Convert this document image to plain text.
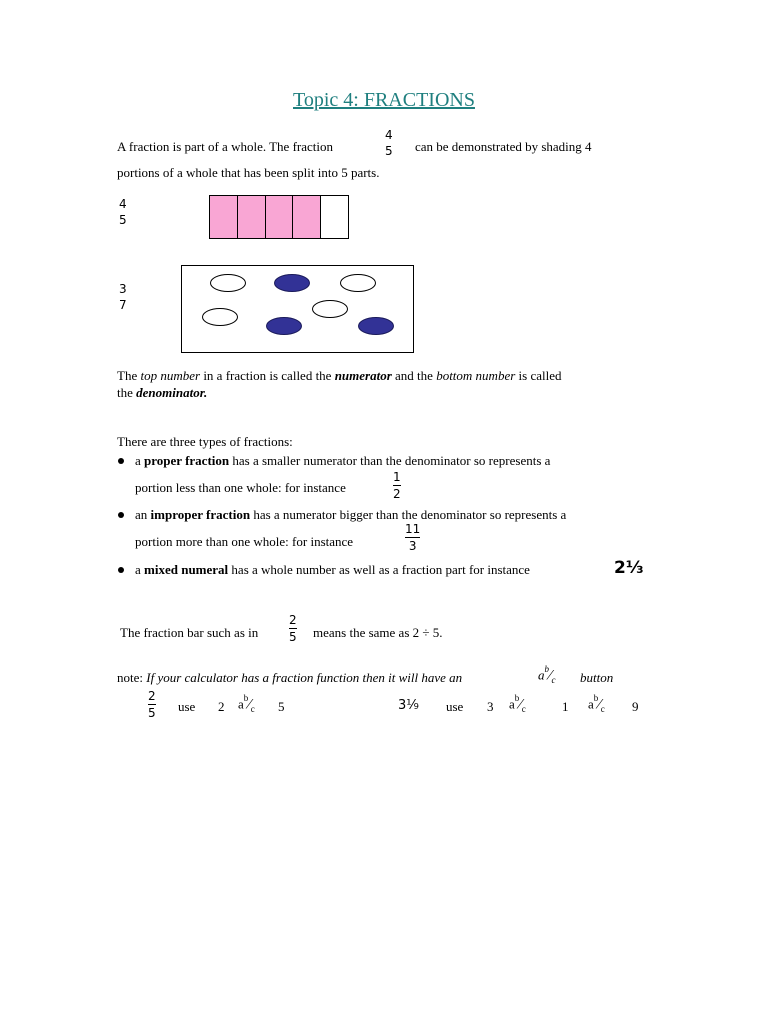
Topic 4: FRACTIONS
A fraction is part of a whole. The fraction
4
5 can be demonstrated by shading 4
portions of a whole that has been split into 5 parts.
4
5
3
7
The top number in a fraction is called the numerator and the bottom number is called
the denominator.
There are three types of fractions:
a proper fraction has a smaller numerator than the denominator so represents a
portion less than one whole: for instance
1
2
an improper fraction has a numerator bigger than the denominator so represents a
portion more than one whole: for instance
11
3
a mixed numeral has a whole number as well as a fraction part for instance	2⅓
The fraction bar such as in
2
5 means the same as 2 ÷ 5.
note: If your calculator has a fraction function then it will have an	$a^b⁄_c$ button
2
5 use 2 $a^b⁄_c$ 5	3⅑ use 3 $a^b⁄_c$	1 $a^b⁄_c$ 9
